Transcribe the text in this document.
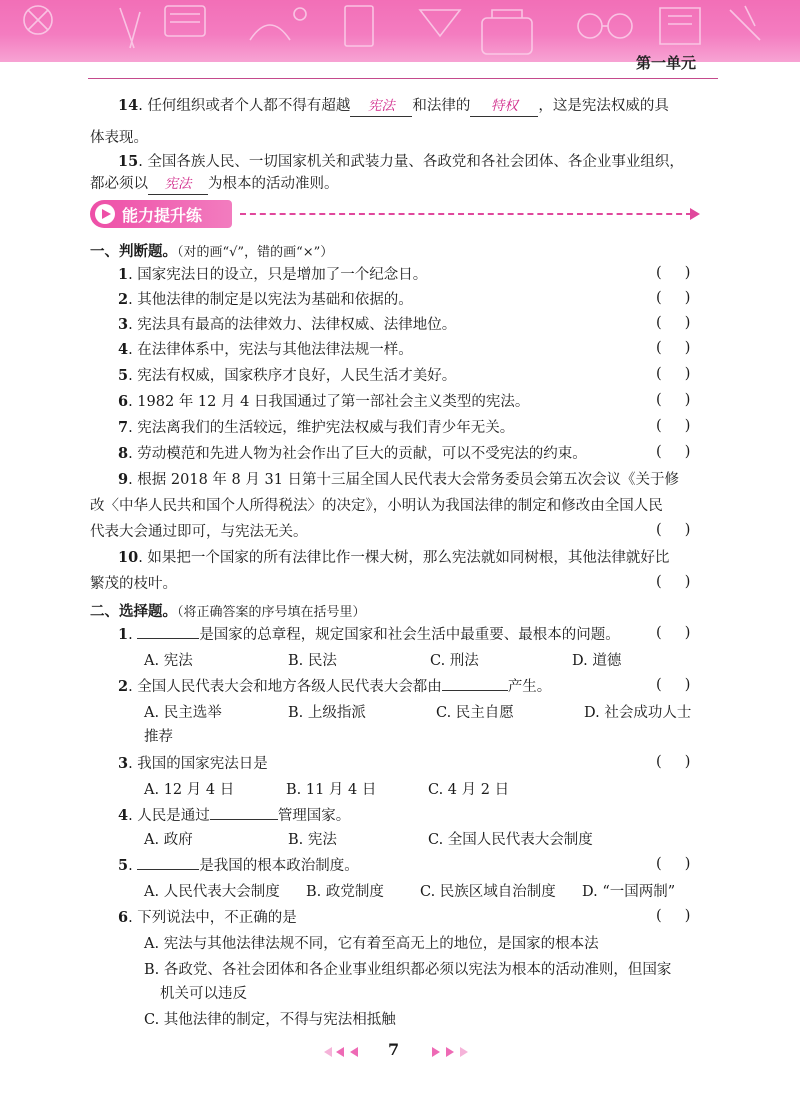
第一单元
14. 任何组织或者个人都不得有超越 宪法 和法律的 特权 ，这是宪法权威的具
体表现。
15. 全国各族人民、一切国家机关和武装力量、各政党和各社会团体、各企业事业组织，
都必须以 宪法 为根本的活动准则。
能力提升练
一、判断题。（对的画“√”，错的画“×”）
1. 国家宪法日的设立，只是增加了一个纪念日。	(     )
2. 其他法律的制定是以宪法为基础和依据的。	(     )
3. 宪法具有最高的法律效力、法律权威、法律地位。	(     )
4. 在法律体系中，宪法与其他法律法规一样。	(     )
5. 宪法有权威，国家秩序才良好，人民生活才美好。	(     )
6. 1982 年 12 月 4 日我国通过了第一部社会主义类型的宪法。	(     )
7. 宪法离我们的生活较远，维护宪法权威与我们青少年无关。	(     )
8. 劳动模范和先进人物为社会作出了巨大的贡献，可以不受宪法的约束。	(     )
9. 根据 2018 年 8 月 31 日第十三届全国人民代表大会常务委员会第五次会议《关于修
改〈中华人民共和国个人所得税法〉的决定》，小明认为我国法律的制定和修改由全国人民
代表大会通过即可，与宪法无关。	(     )
10. 如果把一个国家的所有法律比作一棵大树，那么宪法就如同树根，其他法律就好比
繁茂的枝叶。	(     )
二、选择题。（将正确答案的序号填在括号里）
1.	是国家的总章程，规定国家和社会生活中最重要、最根本的问题。 (     )
A. 宪法	B. 民法	C. 刑法	D. 道德
2. 全国人民代表大会和地方各级人民代表大会都由	产生。	(     )
A. 民主选举	B. 上级指派	C. 民主自愿	D. 社会成功人士
推荐
3. 我国的国家宪法日是	(     )
A. 12 月 4 日	B. 11 月 4 日	C. 4 月 2 日
4. 人民是通过	管理国家。
A. 政府	B. 宪法	C. 全国人民代表大会制度
5.	是我国的根本政治制度。	(     )
A. 人民代表大会制度 B. 政党制度 C. 民族区域自治制度 D. “一国两制”
6. 下列说法中，不正确的是	(     )
A. 宪法与其他法律法规不同，它有着至高无上的地位，是国家的根本法
B. 各政党、各社会团体和各企业事业组织都必须以宪法为根本的活动准则，但国家
机关可以违反
C. 其他法律的制定，不得与宪法相抵触
7
